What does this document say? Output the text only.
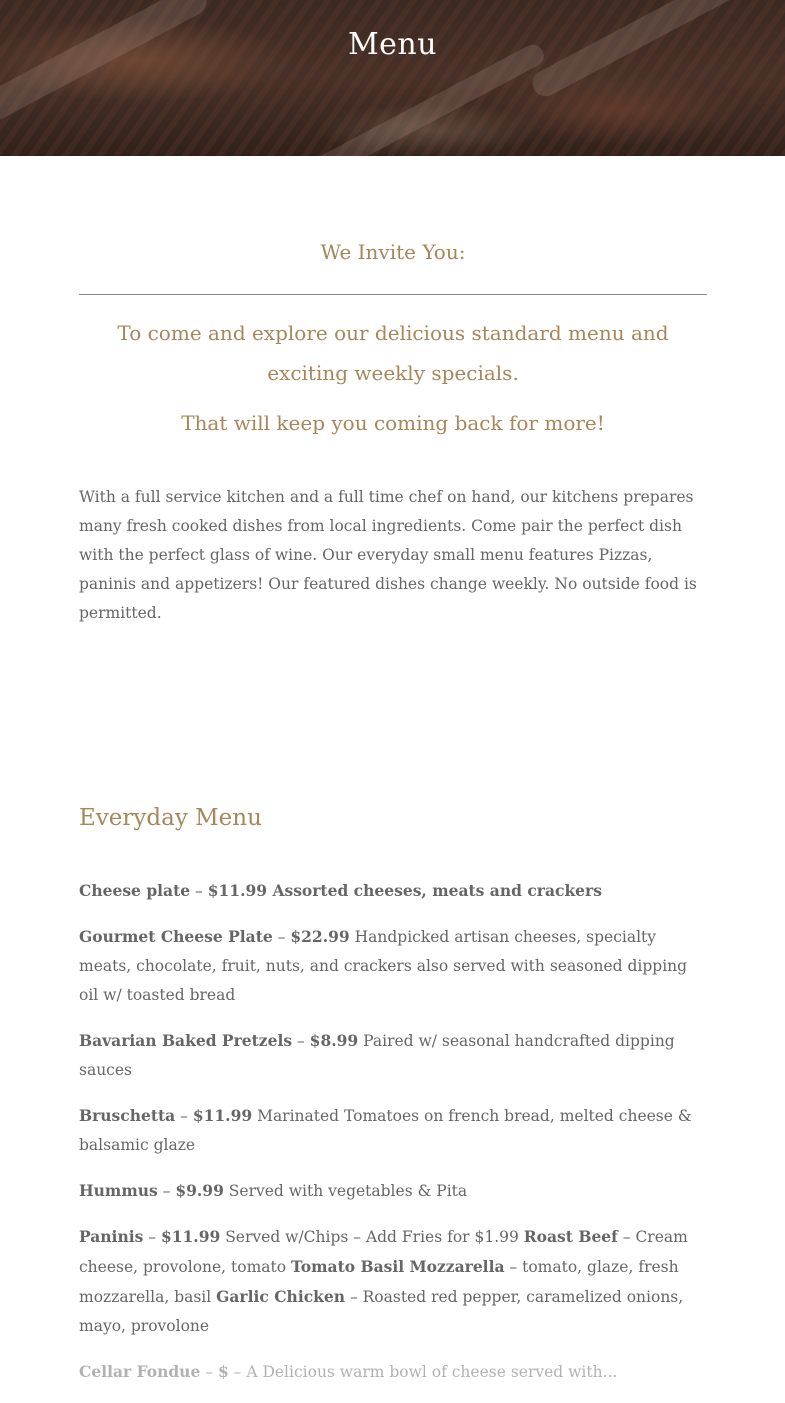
Menu
We Invite You:
To come and explore our delicious standard menu and exciting weekly specials.
That will keep you coming back for more!
With a full service kitchen and a full time chef on hand, our kitchens prepares many fresh cooked dishes from local ingredients. Come pair the perfect dish with the perfect glass of wine. Our everyday small menu features Pizzas, paninis and appetizers! Our featured dishes change weekly. No outside food is permitted.
Everyday Menu

Cheese plate – $11.99 Assorted cheeses, meats and crackers

Gourmet Cheese Plate – $22.99 Handpicked artisan cheeses, specialty meats, chocolate, fruit, nuts, and crackers also served with seasoned dipping oil w/ toasted bread

Bavarian Baked Pretzels – $8.99 Paired w/ seasonal handcrafted dipping sauces

Bruschetta – $11.99 Marinated Tomatoes on french bread, melted cheese & balsamic glaze

Hummus – $9.99 Served with vegetables & Pita

Paninis – $11.99 Served w/Chips – Add Fries for $1.99 Roast Beef – Cream cheese, provolone, tomato Tomato Basil Mozzarella – tomato, glaze, fresh mozzarella, basil Garlic Chicken – Roasted red pepper, caramelized onions, mayo, provolone

Cellar Fondue – $ – A Delicious warm bowl of cheese served with...
